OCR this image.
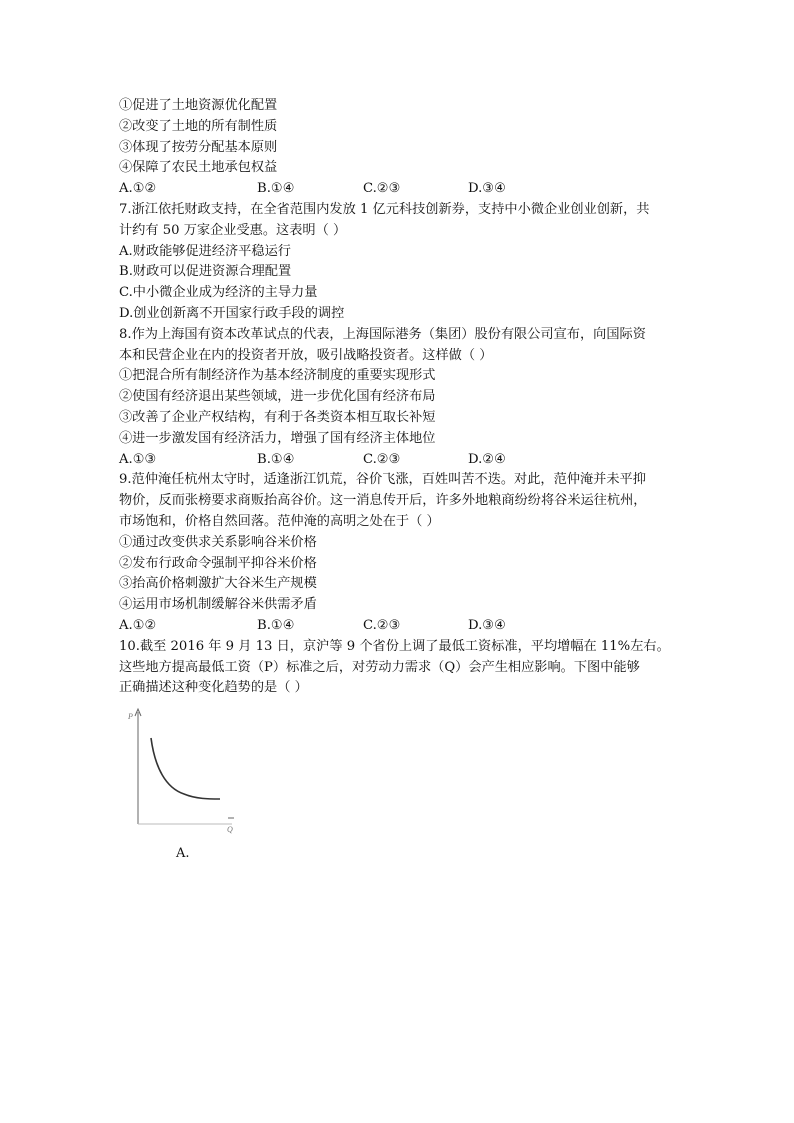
①促进了土地资源优化配置
②改变了土地的所有制性质
③体现了按劳分配基本原则
④保障了农民土地承包权益
A.①②	B.①④	C.②③	D.③④
7.浙江依托财政支持，在全省范围内发放 1 亿元科技创新券，支持中小微企业创业创新，共
计约有 50 万家企业受惠。这表明（ ）
A.财政能够促进经济平稳运行
B.财政可以促进资源合理配置
C.中小微企业成为经济的主导力量
D.创业创新离不开国家行政手段的调控
8.作为上海国有资本改革试点的代表，上海国际港务（集团）股份有限公司宣布，向国际资
本和民营企业在内的投资者开放，吸引战略投资者。这样做（ ）
①把混合所有制经济作为基本经济制度的重要实现形式
②使国有经济退出某些领域，进一步优化国有经济布局
③改善了企业产权结构，有利于各类资本相互取长补短
④进一步激发国有经济活力，增强了国有经济主体地位
A.①③	B.①④	C.②③	D.②④
9.范仲淹任杭州太守时，适逢浙江饥荒，谷价飞涨，百姓叫苦不迭。对此，范仲淹并未平抑
物价，反而张榜要求商贩抬高谷价。这一消息传开后，许多外地粮商纷纷将谷米运往杭州，
市场饱和，价格自然回落。范仲淹的高明之处在于（ ）
①通过改变供求关系影响谷米价格
②发布行政命令强制平抑谷米价格
③抬高价格刺激扩大谷米生产规模
④运用市场机制缓解谷米供需矛盾
A.①②	B.①④	C.②③	D.③④
10.截至 2016 年 9 月 13 日，京沪等 9 个省份上调了最低工资标准，平均增幅在 11%左右。
这些地方提高最低工资（P）标准之后，对劳动力需求（Q）会产生相应影响。下图中能够
正确描述这种变化趋势的是（ ）
P
Q
A.
